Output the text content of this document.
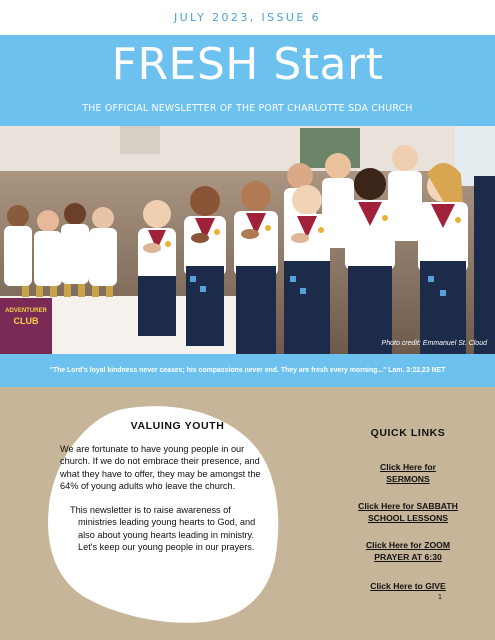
JULY 2023, ISSUE 6
FRESH Start
THE OFFICIAL NEWSLETTER OF THE PORT CHARLOTTE SDA CHURCH
ADVENTURER
CLUB
Photo credit: Emmanuel St. Cloud
"The Lord's loyal kindness never ceases; his compassions never end. They are fresh every morning..." Lam. 3:22,23 NET
VALUING YOUTH

We are fortunate to have young people in our church. If we do not embrace their presence, and what they have to offer, they may be amongst the 64% of young adults who leave the church.

This newsletter is to raise awareness of
ministries leading young hearts to God, and also about young hearts leading in ministry. Let's keep our young people in our prayers.

QUICK LINKS
Click Here for SERMONS
Click Here for SABBATH SCHOOL LESSONS
Click Here for ZOOM PRAYER AT 6:30
Click Here to GIVE
1
